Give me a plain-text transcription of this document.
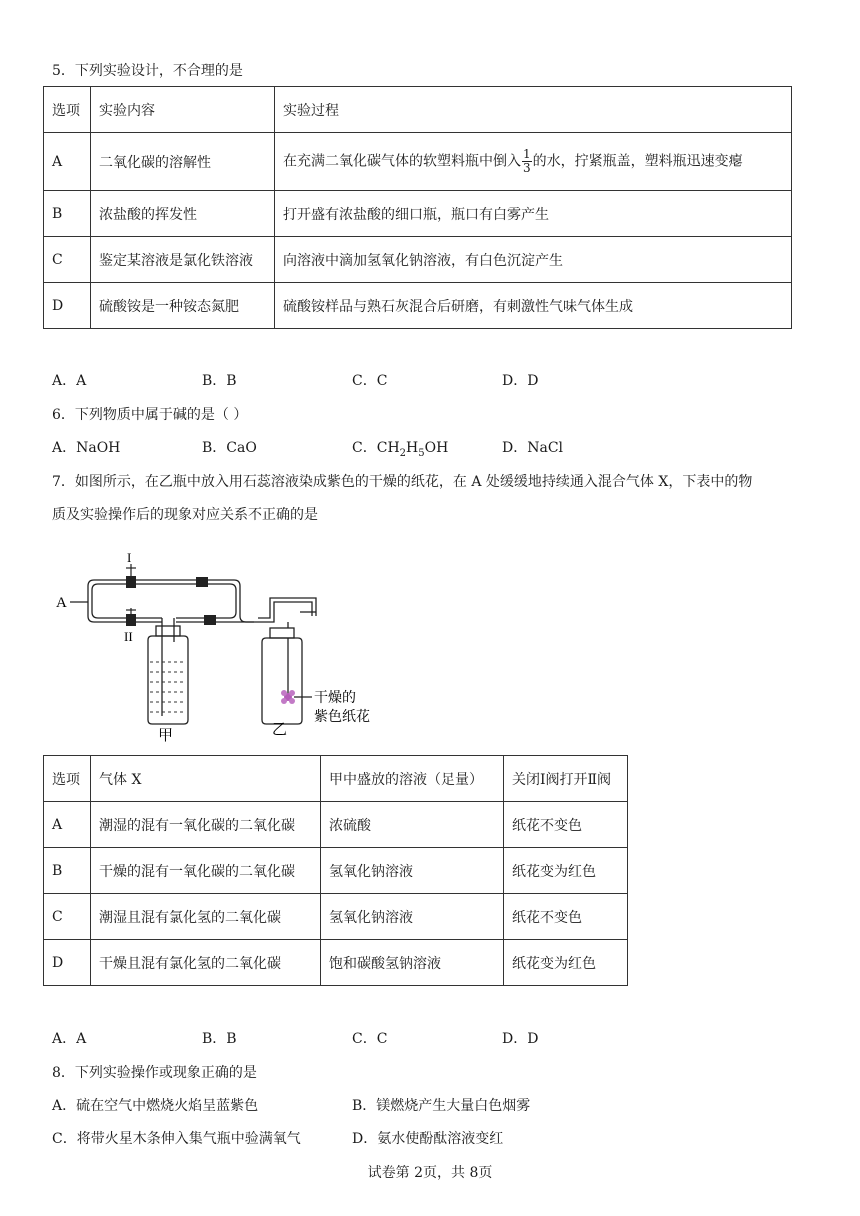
5．下列实验设计，不合理的是
选项	实验内容	实验过程
A	二氧化碳的溶解性	在充满二氧化碳气体的软塑料瓶中倒入 $\frac{1}{3}$ 的水，拧紧瓶盖，塑料瓶迅速变瘪
B	浓盐酸的挥发性	打开盛有浓盐酸的细口瓶，瓶口有白雾产生
C	鉴定某溶液是氯化铁溶液	向溶液中滴加氢氧化钠溶液，有白色沉淀产生
D	硫酸铵是一种铵态氮肥	硫酸铵样品与熟石灰混合后研磨，有刺激性气味气体生成
A．A	B．B	C．C	D．D
6．下列物质中属于碱的是（ ）
A．NaOH	B．CaO	C．$CH_2H_5OH$	D．NaCl
7．如图所示，在乙瓶中放入用石蕊溶液染成紫色的干燥的纸花，在 A 处缓缓地持续通入混合气体 X，下表中的物
质及实验操作后的现象对应关系不正确的是
A
I
II
甲	乙
干燥的
紫色纸花
选项	气体 X	甲中盛放的溶液（足量）	关闭Ⅰ阀打开Ⅱ阀
A	潮湿的混有一氧化碳的二氧化碳	浓硫酸	纸花不变色
B	干燥的混有一氧化碳的二氧化碳	氢氧化钠溶液	纸花变为红色
C	潮湿且混有氯化氢的二氧化碳	氢氧化钠溶液	纸花不变色
D	干燥且混有氯化氢的二氧化碳	饱和碳酸氢钠溶液	纸花变为红色
A．A	B．B	C．C	D．D
8．下列实验操作或现象正确的是
A．硫在空气中燃烧火焰呈蓝紫色	B．镁燃烧产生大量白色烟雾
C．将带火星木条伸入集气瓶中验满氧气	D．氨水使酚酞溶液变红
试卷第 2页，共 8页
